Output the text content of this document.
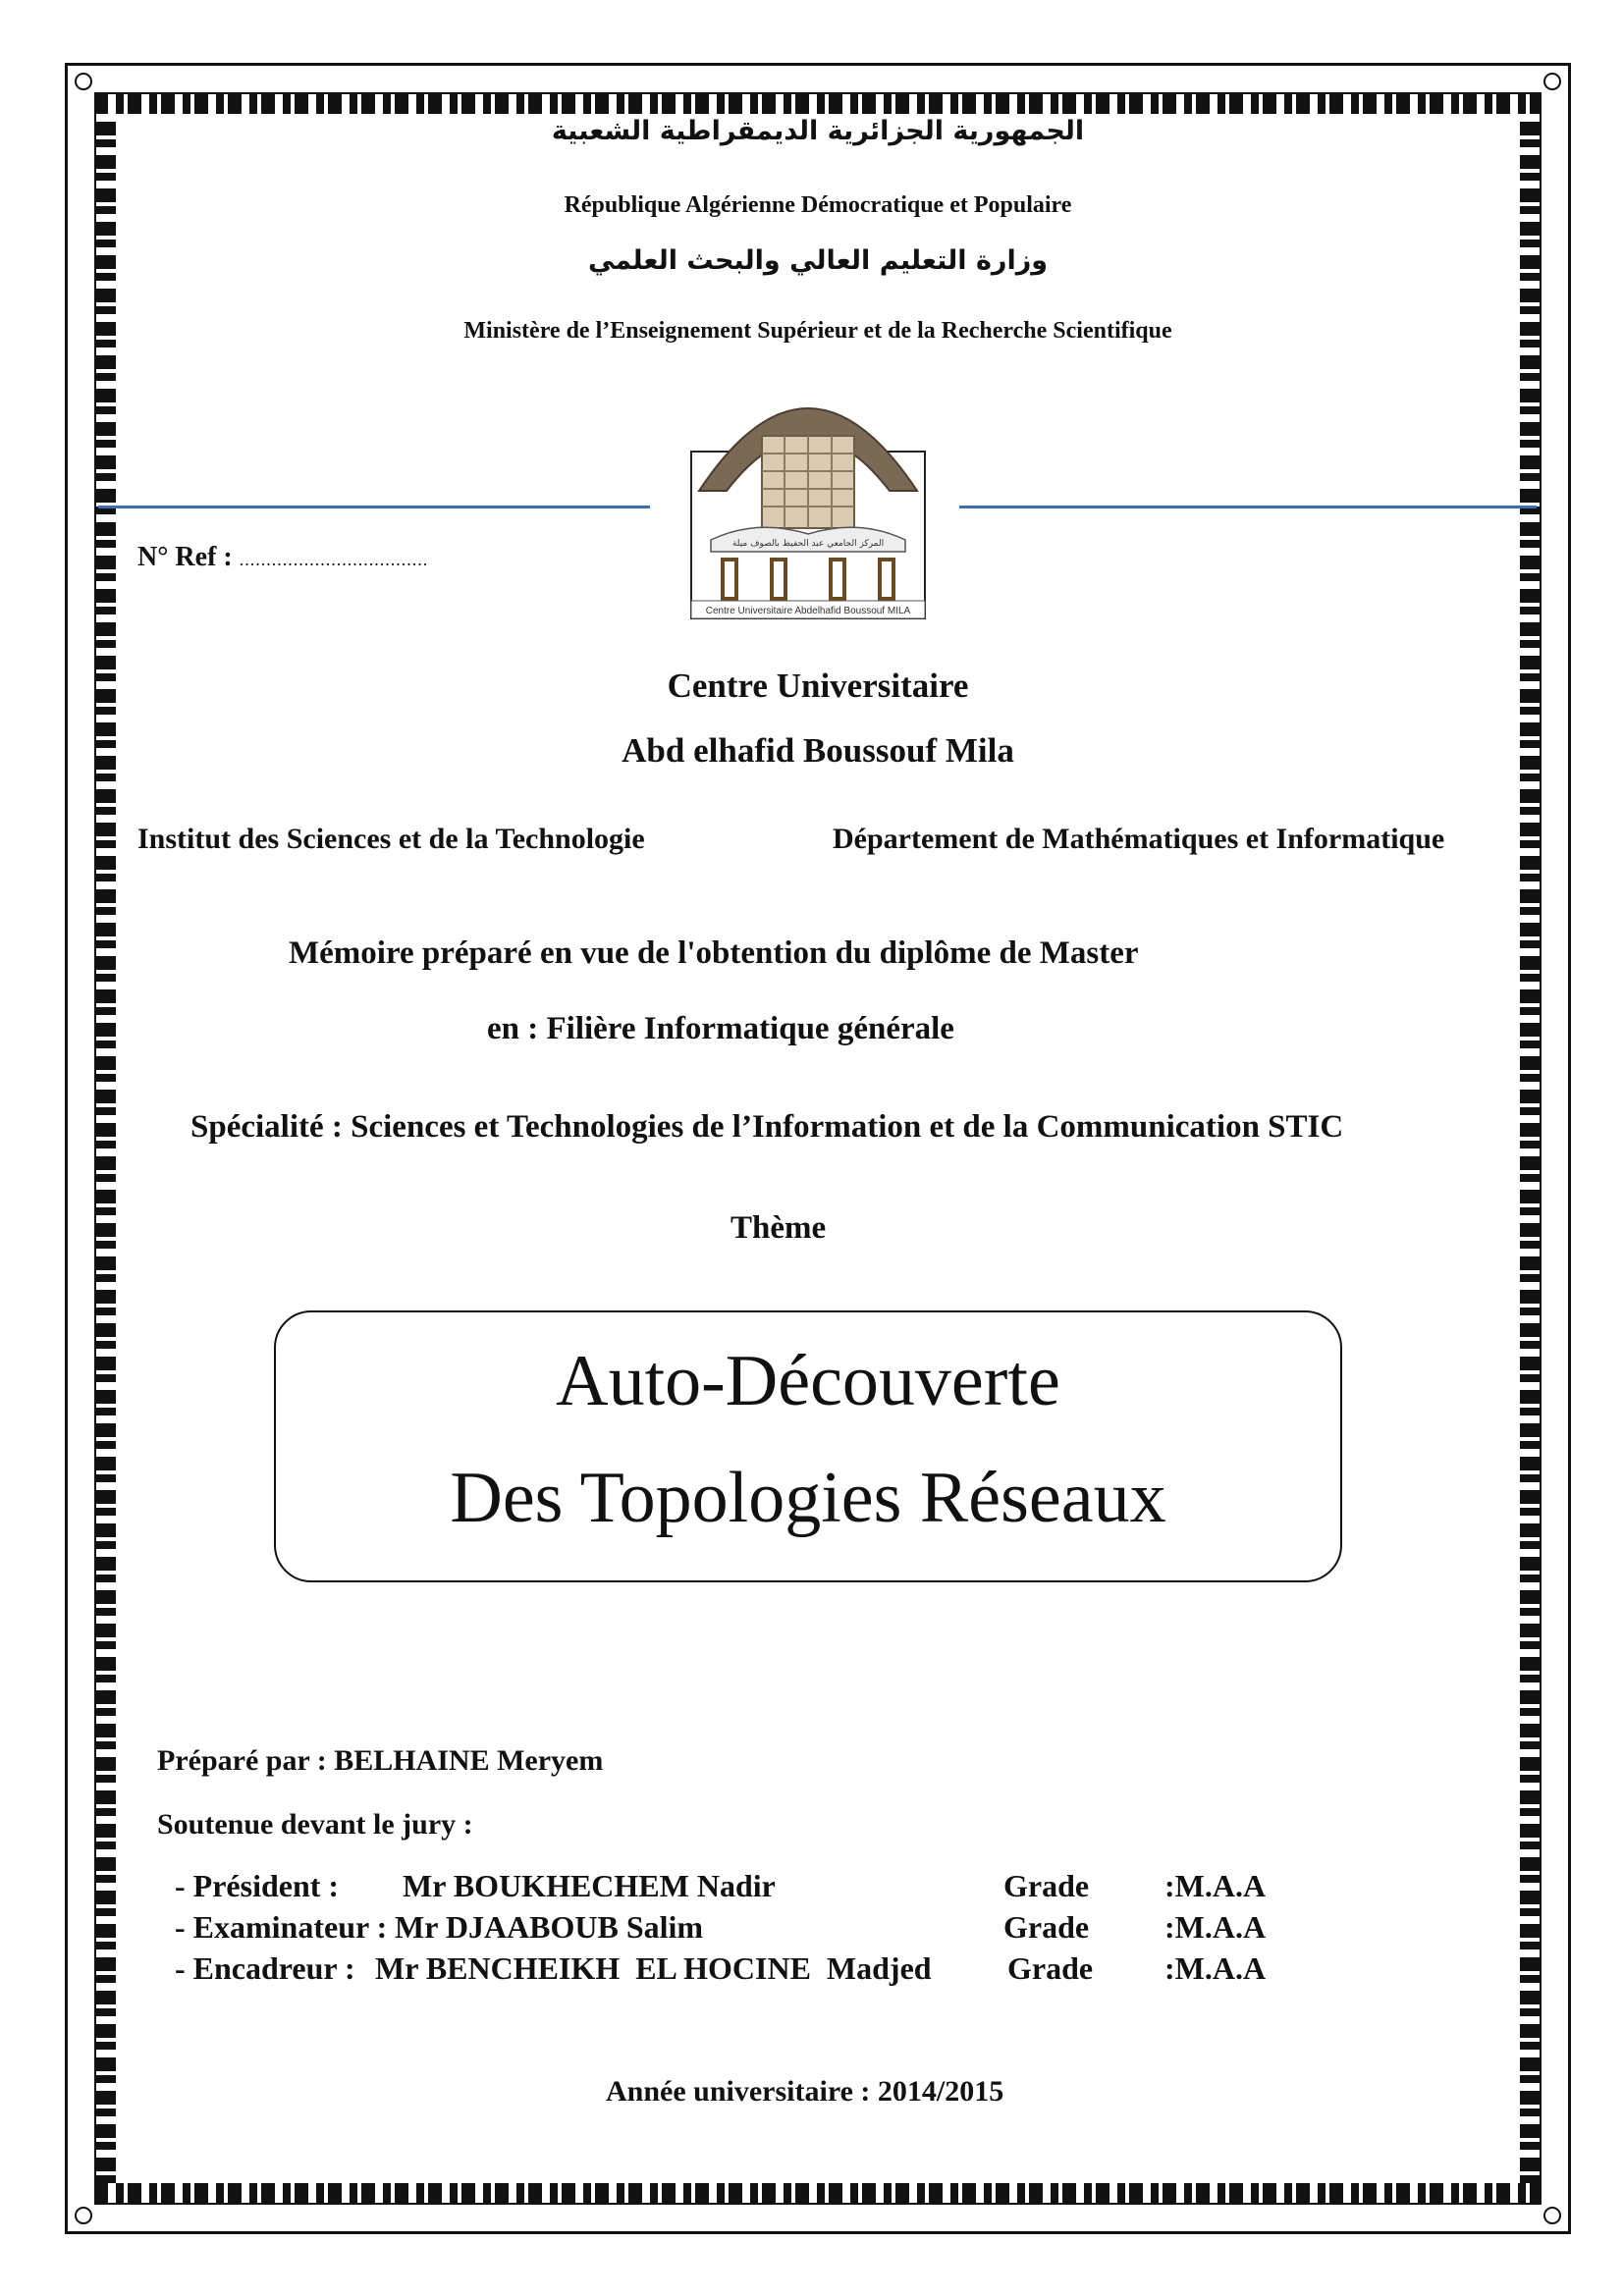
الجمهورية الجزائرية الديمقراطية الشعبية
République Algérienne Démocratique et Populaire
وزارة التعليم العالي والبحث العلمي
Ministère de l’Enseignement Supérieur et de la Recherche Scientifique
المركز الجامعي عبد الحفيظ بالصوف ميلة
Centre Universitaire Abdelhafid Boussouf MILA
N° Ref : ...................................
Centre Universitaire
Abd elhafid Boussouf Mila
Institut des Sciences et de la Technologie	Département de Mathématiques et Informatique
Mémoire préparé en vue de l'obtention du diplôme de Master
en : Filière Informatique générale
Spécialité : Sciences et Technologies de l’Information et de la Communication STIC
Thème
Auto-Découverte
Des Topologies Réseaux
Préparé par : BELHAINE Meryem
Soutenue devant le jury :
- Président : Mr BOUKHECHEM Nadir	Grade :M.A.A
- Examinateur : Mr DJAABOUB Salim	Grade :M.A.A
- Encadreur : Mr BENCHEIKH  EL HOCINE  Madjed Grade :M.A.A
Année universitaire : 2014/2015
